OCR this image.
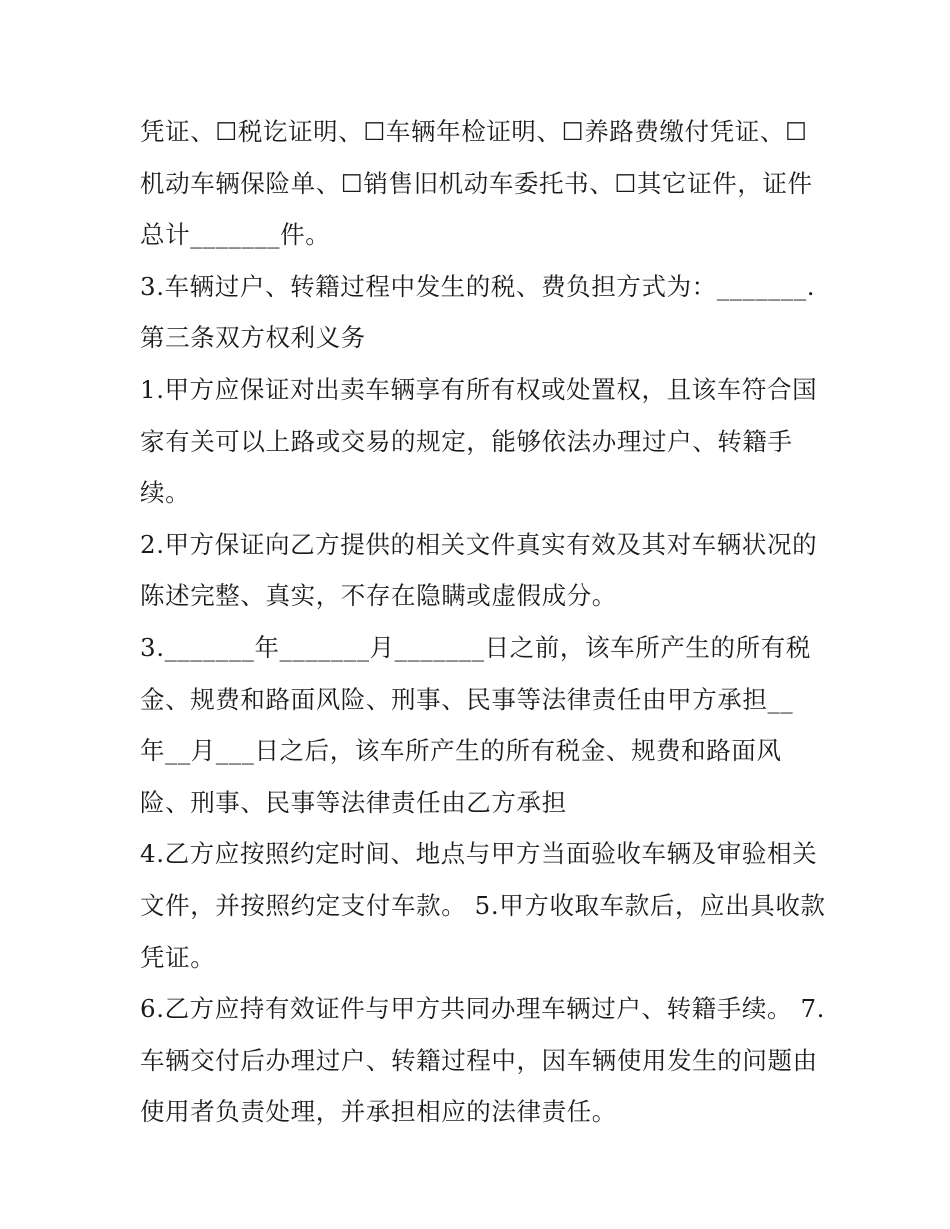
凭证、☐税讫证明、☐车辆年检证明、☐养路费缴付凭证、☐
机动车辆保险单、☐销售旧机动车委托书、☐其它证件，证件
总计_______件。
3.车辆过户、转籍过程中发生的税、费负担方式为：_______.
第三条双方权利义务
1.甲方应保证对出卖车辆享有所有权或处置权，且该车符合国
家有关可以上路或交易的规定，能够依法办理过户、转籍手
续。
2.甲方保证向乙方提供的相关文件真实有效及其对车辆状况的
陈述完整、真实，不存在隐瞒或虚假成分。
3._______年_______月_______日之前，该车所产生的所有税
金、规费和路面风险、刑事、民事等法律责任由甲方承担__
年__月___日之后，该车所产生的所有税金、规费和路面风
险、刑事、民事等法律责任由乙方承担
4.乙方应按照约定时间、地点与甲方当面验收车辆及审验相关
文件，并按照约定支付车款。 5.甲方收取车款后，应出具收款
凭证。
6.乙方应持有效证件与甲方共同办理车辆过户、转籍手续。 7.
车辆交付后办理过户、转籍过程中，因车辆使用发生的问题由
使用者负责处理，并承担相应的法律责任。
